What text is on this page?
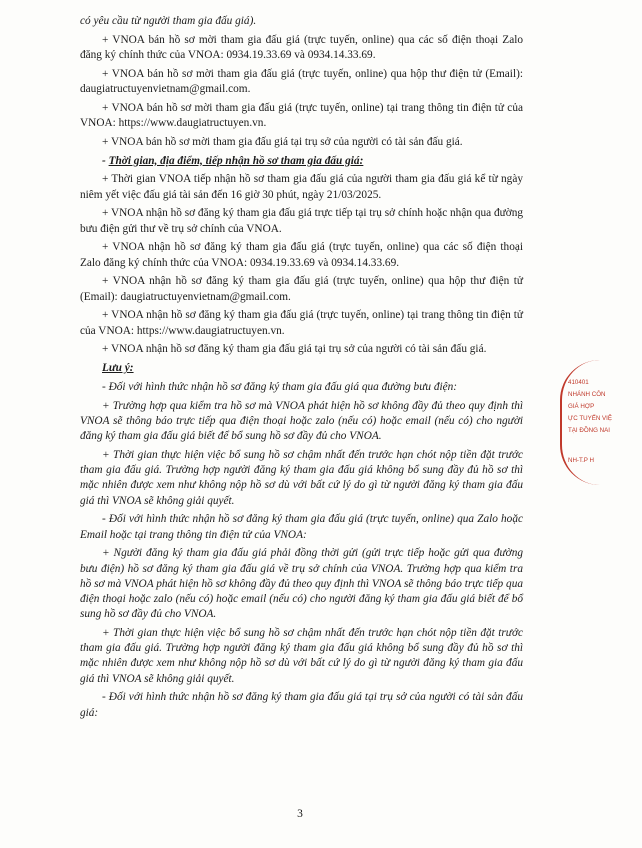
có yêu cầu từ người tham gia đấu giá).

+ VNOA bán hồ sơ mời tham gia đấu giá (trực tuyến, online) qua các số điện thoại Zalo đăng ký chính thức của VNOA: 0934.19.33.69 và 0934.14.33.69.

+ VNOA bán hồ sơ mời tham gia đấu giá (trực tuyến, online) qua hộp thư điện tử (Email): daugiatructuyenvietnam@gmail.com.

+ VNOA bán hồ sơ mời tham gia đấu giá (trực tuyến, online) tại trang thông tin điện tử của VNOA: https://www.daugiatructuyen.vn.

+ VNOA bán hồ sơ mời tham gia đấu giá tại trụ sở của người có tài sản đấu giá.

- Thời gian, địa điểm, tiếp nhận hồ sơ tham gia đấu giá:

+ Thời gian VNOA tiếp nhận hồ sơ tham gia đấu giá của người tham gia đấu giá kể từ ngày niêm yết việc đấu giá tài sản đến 16 giờ 30 phút, ngày 21/03/2025.

+ VNOA nhận hồ sơ đăng ký tham gia đấu giá trực tiếp tại trụ sở chính hoặc nhận qua đường bưu điện gửi thư về trụ sở chính của VNOA.

+ VNOA nhận hồ sơ đăng ký tham gia đấu giá (trực tuyến, online) qua các số điện thoại Zalo đăng ký chính thức của VNOA: 0934.19.33.69 và 0934.14.33.69.

+ VNOA nhận hồ sơ đăng ký tham gia đấu giá (trực tuyến, online) qua hộp thư điện tử (Email): daugiatructuyenvietnam@gmail.com.

+ VNOA nhận hồ sơ đăng ký tham gia đấu giá (trực tuyến, online) tại trang thông tin điện tử của VNOA: https://www.daugiatructuyen.vn.

+ VNOA nhận hồ sơ đăng ký tham gia đấu giá tại trụ sở của người có tài sản đấu giá.

Lưu ý:

- Đối với hình thức nhận hồ sơ đăng ký tham gia đấu giá qua đường bưu điện:

+ Trường hợp qua kiểm tra hồ sơ mà VNOA phát hiện hồ sơ không đầy đủ theo quy định thì VNOA sẽ thông báo trực tiếp qua điện thoại hoặc zalo (nếu có) hoặc email (nếu có) cho người đăng ký tham gia đấu giá biết để bổ sung hồ sơ đầy đủ cho VNOA.

+ Thời gian thực hiện việc bổ sung hồ sơ chậm nhất đến trước hạn chót nộp tiền đặt trước tham gia đấu giá. Trường hợp người đăng ký tham gia đấu giá không bổ sung đầy đủ hồ sơ thì mặc nhiên được xem như không nộp hồ sơ dù với bất cứ lý do gì từ người đăng ký tham gia đấu giá thì VNOA sẽ không giải quyết.

- Đối với hình thức nhận hồ sơ đăng ký tham gia đấu giá (trực tuyến, online) qua Zalo hoặc Email hoặc tại trang thông tin điện tử của VNOA:

+ Người đăng ký tham gia đấu giá phải đồng thời gửi (gửi trực tiếp hoặc gửi qua đường bưu điện) hồ sơ đăng ký tham gia đấu giá về trụ sở chính của VNOA. Trường hợp qua kiểm tra hồ sơ mà VNOA phát hiện hồ sơ không đầy đủ theo quy định thì VNOA sẽ thông báo trực tiếp qua điện thoại hoặc zalo (nếu có) hoặc email (nếu có) cho người đăng ký tham gia đấu giá biết để bổ sung hồ sơ đầy đủ cho VNOA.

+ Thời gian thực hiện việc bổ sung hồ sơ chậm nhất đến trước hạn chót nộp tiền đặt trước tham gia đấu giá. Trường hợp người đăng ký tham gia đấu giá không bổ sung đầy đủ hồ sơ thì mặc nhiên được xem như không nộp hồ sơ dù với bất cứ lý do gì từ người đăng ký tham gia đấu giá thì VNOA sẽ không giải quyết.

- Đối với hình thức nhận hồ sơ đăng ký tham gia đấu giá tại trụ sở của người có tài sản đấu giá:

410401
NHÁNH CÔN
GIÁ HỢP
ỰC TUYẾN VIỆ
TẠI ĐỒNG NAI
NH-T.P H
3
